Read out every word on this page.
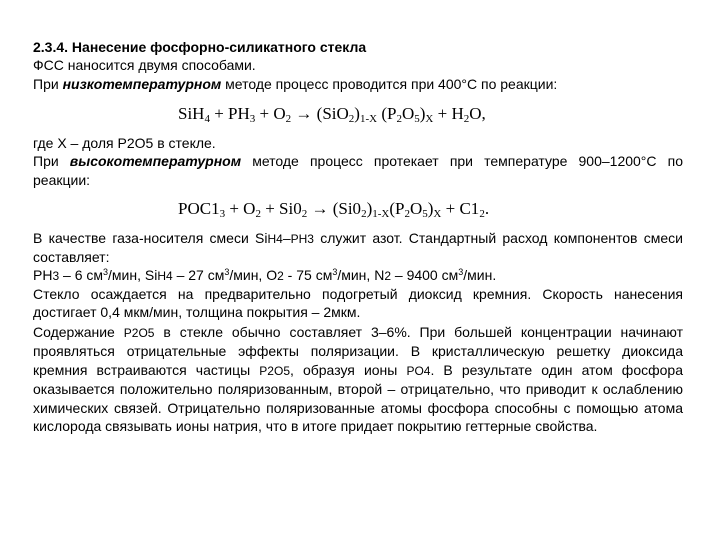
2.3.4. Нанесение фосфорно-силикатного стекла

ФСС наносится двумя способами.

При низкотемпературном методе процесс проводится при 400°С по реакции:

$SiH_4 + PH_3 + O_2 \to (SiO_2)_{1-X}$ $(P_2O_5)_X + H_2O$,

где X – доля P2O5 в стекле.

При высокотемпературном методе процесс протекает при температуре 900–1200°С по реакции:

$POC1_3 + O_2 + Si0_2 \to (Si0_2)_{1-X}(P_2O_5)_X + C1_2$.

В качестве газа-носителя смеси SiH4–PH3 служит азот. Стандартный расход компонентов смеси составляет:

PH3 – 6 $см^3$/мин, SiH4 – 27 $см^3$/мин, O2 - 75 $см^3$/мин, N2 – 9400 $см^3$/мин.

Стекло осаждается на предварительно подогретый диоксид кремния. Скорость нанесения достигает 0,4 мкм/мин, толщина покрытия – 2мкм.

Содержание P2O5 в стекле обычно составляет 3–6%. При большей концентрации начинают проявляться отрицательные эффекты поляризации. В кристаллическую решетку диоксида кремния встраиваются частицы P2O5, образуя ионы PO4. В результате один атом фосфора оказывается положительно поляризованным, второй – отрицательно, что приводит к ослаблению химических связей. Отрицательно поляризованные атомы фосфора способны с помощью атома кислорода связывать ионы натрия, что в итоге придает покрытию геттерные свойства.
